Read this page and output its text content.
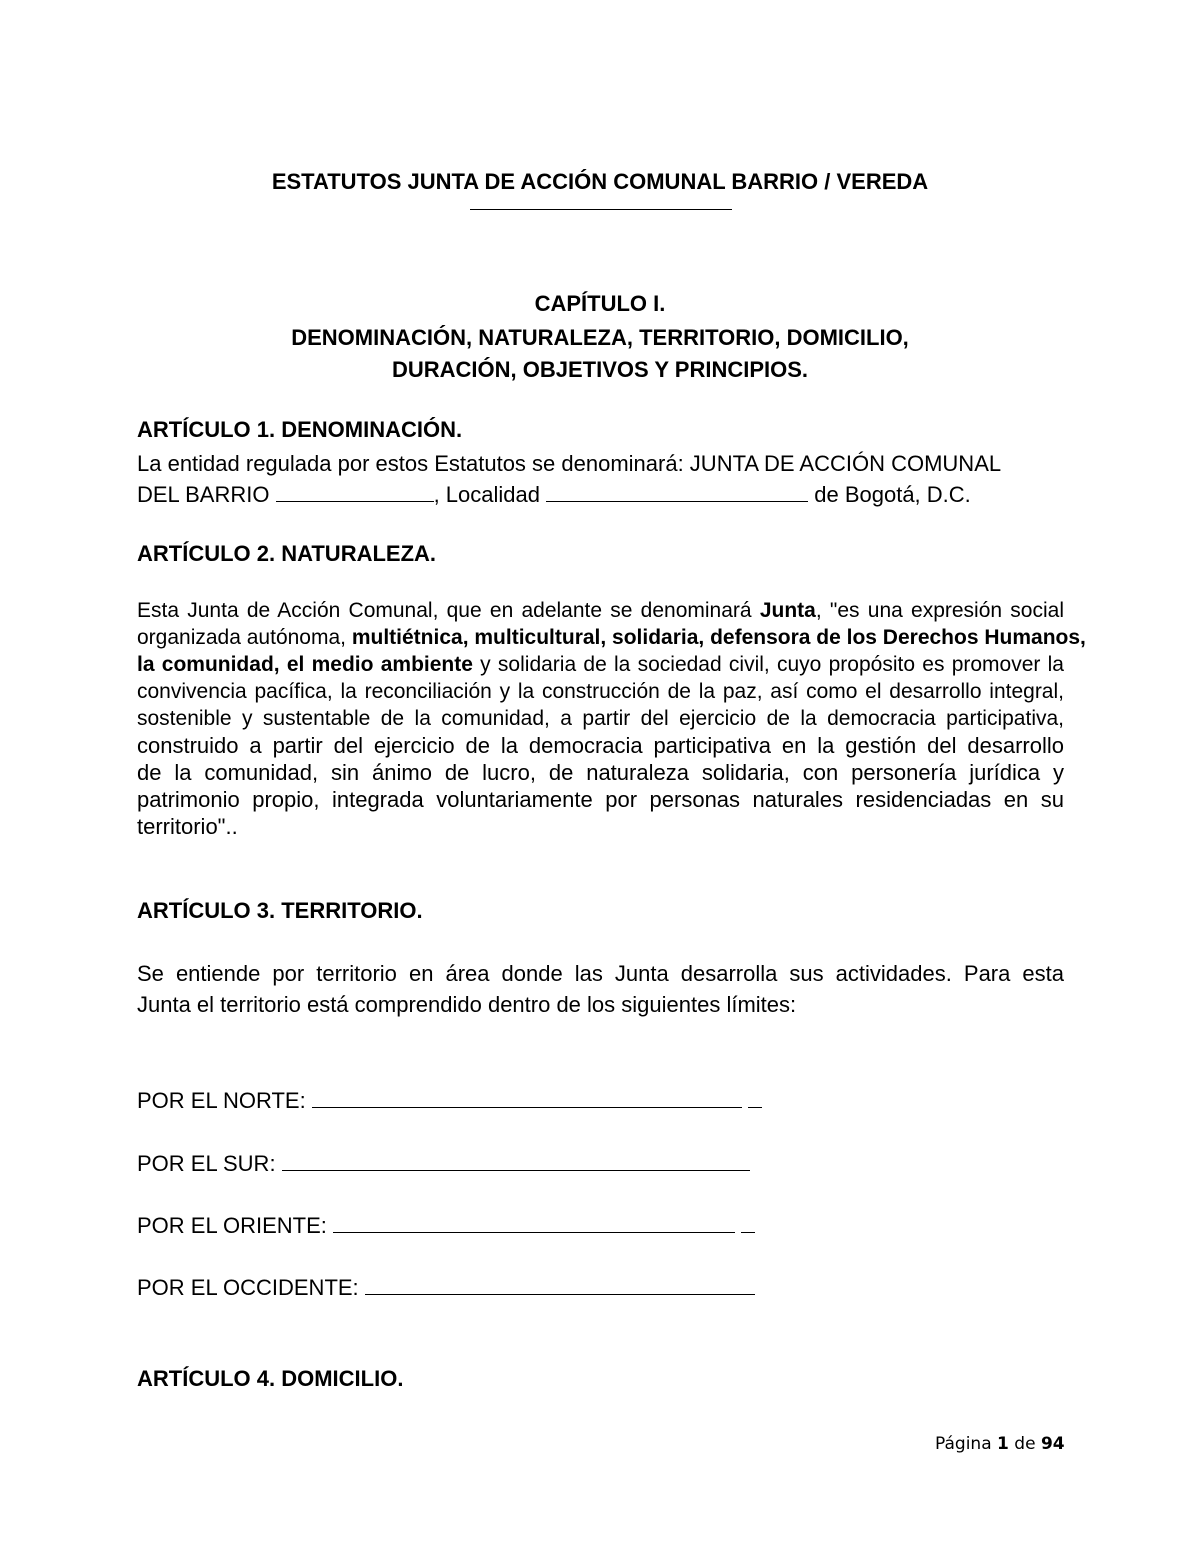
ESTATUTOS JUNTA DE ACCIÓN COMUNAL BARRIO / VEREDA

CAPÍTULO I.

DENOMINACIÓN, NATURALEZA, TERRITORIO, DOMICILIO,

DURACIÓN, OBJETIVOS Y PRINCIPIOS.

ARTÍCULO 1. DENOMINACIÓN.

La entidad regulada por estos Estatutos se denominará: JUNTA DE ACCIÓN COMUNAL
DEL BARRIO	, Localidad	de Bogotá, D.C.

ARTÍCULO 2. NATURALEZA.

Esta Junta de Acción Comunal, que en adelante se denominará Junta, "es una expresión social
organizada autónoma, multiétnica, multicultural, solidaria, defensora de los Derechos Humanos,
la comunidad, el medio ambiente y solidaria de la sociedad civil, cuyo propósito es promover la
convivencia pacífica, la reconciliación y la construcción de la paz, así como el desarrollo integral,
sostenible y sustentable de la comunidad, a partir del ejercicio de la democracia participativa,
construido a partir del ejercicio de la democracia participativa en la gestión del desarrollo
de la comunidad, sin ánimo de lucro, de naturaleza solidaria, con personería jurídica y
patrimonio propio, integrada voluntariamente por personas naturales residenciadas en su
territorio"..

ARTÍCULO 3. TERRITORIO.

Se entiende por territorio en área donde las Junta desarrolla sus actividades. Para esta
Junta el territorio está comprendido dentro de los siguientes límites:
POR EL NORTE:
POR EL SUR:
POR EL ORIENTE:
POR EL OCCIDENTE:

ARTÍCULO 4. DOMICILIO.

Página 1 de 94
